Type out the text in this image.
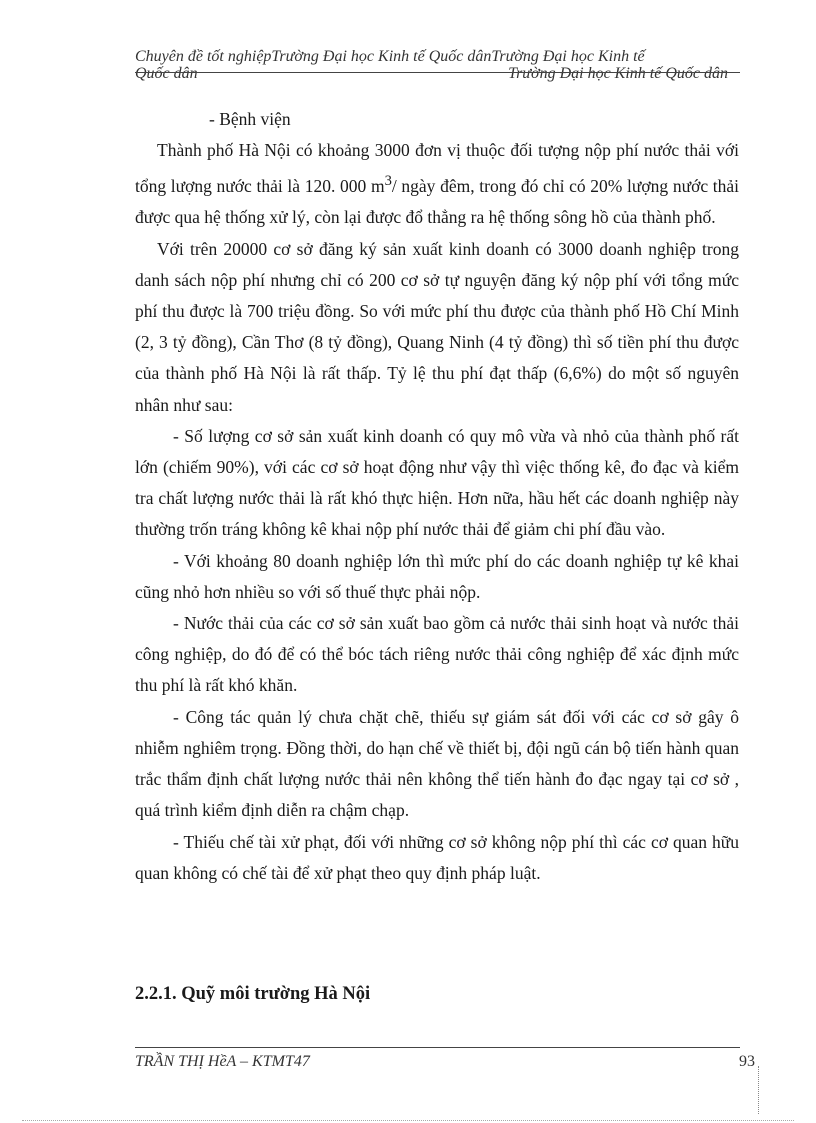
Chuyên đề tốt nghiệpTrường Đại học Kinh tế Quốc dânTrường Đại học Kinh tế
Quốc dân	Trường Đại học Kinh tế Quốc dân

- Bệnh viện

Thành phố Hà Nội có khoảng 3000 đơn vị thuộc đối tượng nộp phí nước thải với tổng lượng nước thải là 120. 000 $m^3/$ ngày đêm, trong đó chỉ có 20% lượng nước thải được qua hệ thống xử lý, còn lại được đổ thẳng ra hệ thống sông hồ của thành phố.

Với trên 20000 cơ sở đăng ký sản xuất kinh doanh có 3000 doanh nghiệp trong danh sách nộp phí nhưng chỉ có 200 cơ sở tự nguyện đăng ký nộp phí với tổng mức phí thu được là 700 triệu đồng. So với mức phí thu được của thành phố Hồ Chí Minh (2, 3 tỷ đồng), Cần Thơ (8 tỷ đồng), Quang Ninh (4 tỷ đồng) thì số tiền phí thu được của thành phố Hà Nội là rất thấp. Tỷ lệ thu phí đạt thấp (6,6%) do một số nguyên nhân như sau:

- Số lượng cơ sở sản xuất kinh doanh có quy mô vừa và nhỏ của thành phố rất lớn (chiếm 90%), với các cơ sở hoạt động như vậy thì việc thống kê, đo đạc và kiểm tra chất lượng nước thải là rất khó thực hiện. Hơn nữa, hầu hết các doanh nghiệp này thường trốn tráng không kê khai nộp phí nước thải để giảm chi phí đầu vào.

- Với khoảng 80 doanh nghiệp lớn thì mức phí do các doanh nghiệp tự kê khai cũng nhỏ hơn nhiều so với số thuế thực phải nộp.

- Nước thải của các cơ sở sản xuất bao gồm cả nước thải sinh hoạt và nước thải công nghiệp, do đó để có thể bóc tách riêng nước thải công nghiệp để xác định mức thu phí là rất khó khăn.

- Công tác quản lý chưa chặt chẽ, thiếu sự giám sát đối với các cơ sở gây ô nhiễm nghiêm trọng. Đồng thời, do hạn chế về thiết bị, đội ngũ cán bộ tiến hành quan trắc thẩm định chất lượng nước thải nên không thể tiến hành đo đạc ngay tại cơ sở , quá trình kiểm định diễn ra chậm chạp.

- Thiếu chế tài xử phạt, đối với những cơ sở không nộp phí thì các cơ quan hữu quan không có chế tài để xử phạt theo quy định pháp luật.

2.2.1. Quỹ môi trường Hà Nội
TRẦN THỊ HềA – KTMT47	93
